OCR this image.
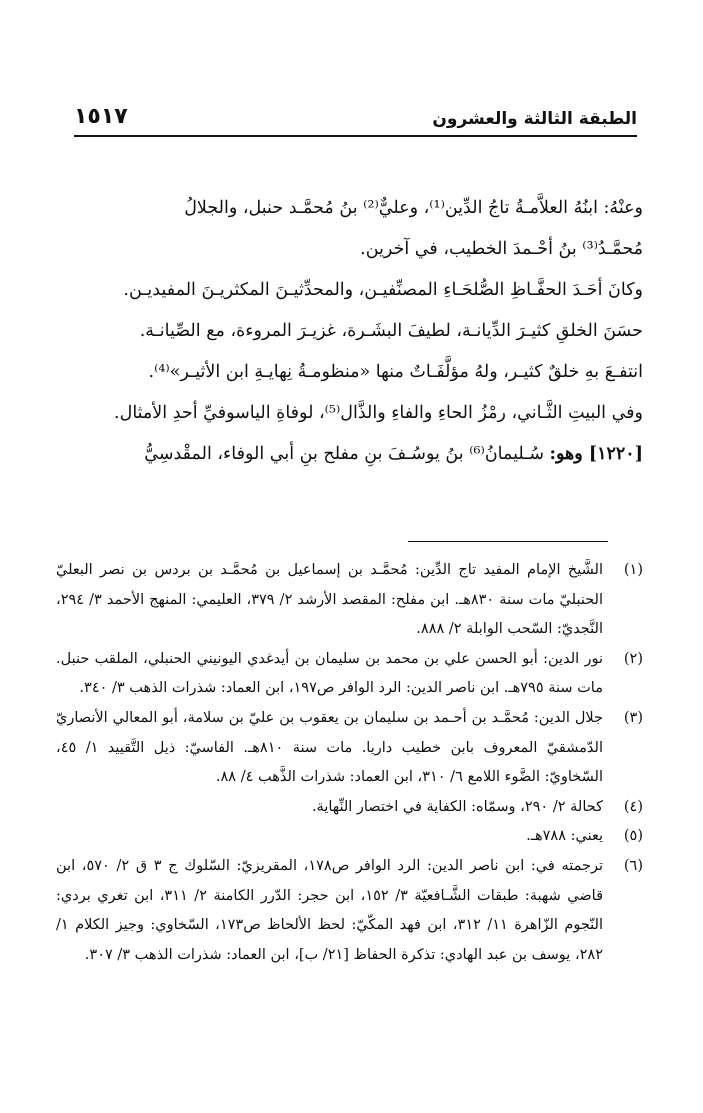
١٥١٧	الطبقة الثالثة والعشرون

وعنْهُ: ابنُهُ العلاَّمـةُ تاجُ الدِّين⁽¹⁾، وعليٌّ⁽²⁾ بنُ مُحمَّـد حنبل، والجلالُ

مُحمَّـدُ⁽³⁾ بنُ أحْـمدَ الخطيب، في آخرين.

وكانَ أحَـدَ الحفَّـاظِ الصُّلحَـاءِ المصنِّفيـن، والمحدِّثيـنَ المكثريـنَ المفيديـن.

حسَنَ الخلقِ كثيـرَ الدِّيانـة، لطيفَ البشَـرة، غزيـرَ المروءة، مع الصِّيانـة.

انتفـعَ بهِ خلقٌ كثيـر، ولهُ مؤلَّفَـاتٌ منها «منظومـةُ نِهايـةِ ابن الأثيـر»⁽⁴⁾.

وفي البيتِ الثَّـاني، رمْزُ الحاءِ والفاءِ والذَّال⁽⁵⁾، لوفاةِ الياسوفيِّ أحدِ الأمثال.

[١٢٢٠] وهو: سُـليمانُ⁽⁶⁾ بنُ يوسُـفَ بنِ مفلح بنِ أبي الوفاء، المقْدسِيُّ

(١)
الشَّيخ الإمام المفيد تاج الدِّين: مُحمَّـد بن إسماعيل بن مُحمَّـد بن بردس بن نصر البعليّ الحنبليّ مات سنة ٨٣٠هـ. ابن مفلح: المقصد الأرشد ٢/ ٣٧٩، العليمي: المنهج الأحمد ٣/ ٢٩٤، النَّجديّ: السّحب الوابلة ٢/ ٨٨٨.
(٢)
نور الدين: أبو الحسن علي بن محمد بن سليمان بن أيدغدي اليونيني الحنبلي، الملقب حنبل. مات سنة ٧٩٥هـ. ابن ناصر الدين: الرد الوافر ص١٩٧، ابن العماد: شذرات الذهب ٣/ ٣٤٠.
(٣)
جلال الدين: مُحمَّـد بن أحـمد بن سليمان بن يعقوب بن عليّ بن سلامة، أبو المعالي الأنصاريّ الدّمشقيّ المعروف بابن خطيب داريا. مات سنة ٨١٠هـ. الفاسيّ: ذيل التَّقييد ١/ ٤٥، السّخاويّ: الضَّوء اللامع ٦/ ٣١٠، ابن العماد: شذرات الذَّهب ٤/ ٨٨.
(٤)
كحالة ٢/ ٢٩٠، وسمّاه: الكفاية في اختصار النِّهاية.
(٥)
يعني: ٧٨٨هـ.
(٦)
ترجمته في: ابن ناصر الدين: الرد الوافر ص١٧٨، المقريزيّ: السّلوك ج ٣ ق ٢/ ٥٧٠، ابن قاضي شهبة: طبقات الشَّـافعيّة ٣/ ١٥٢، ابن حجر: الدّرر الكامنة ٢/ ٣١١، ابن تغري بردي: النّجوم الزّاهرة ١١/ ٣١٢، ابن فهد المكّيّ: لحظ الألحاظ ص١٧٣، السّخاوي: وجيز الكلام ١/ ٢٨٢، يوسف بن عبد الهادي: تذكرة الحفاظ [٢١/ ب]، ابن العماد: شذرات الذهب ٣/ ٣٠٧.
